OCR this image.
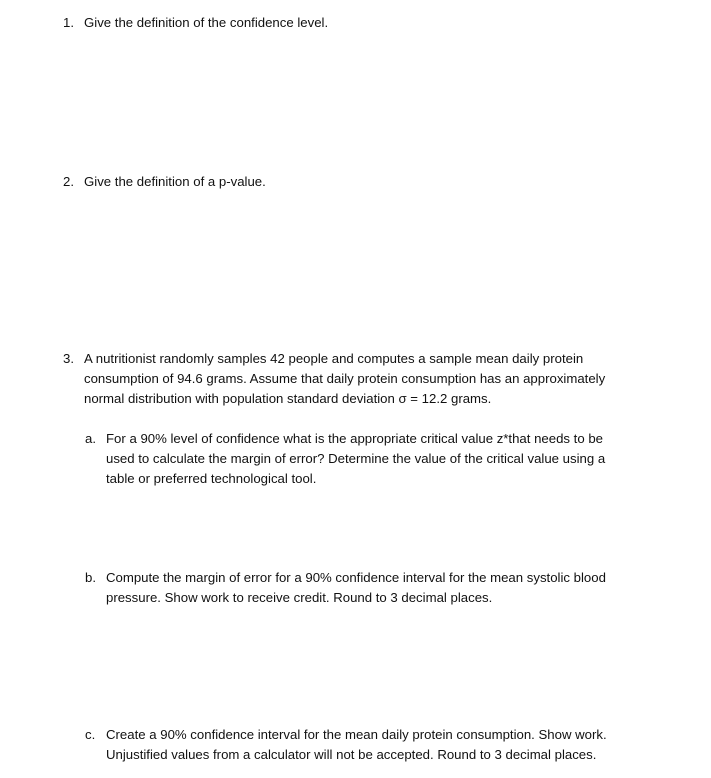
1. Give the definition of the confidence level.
2. Give the definition of a p-value.
3. A nutritionist randomly samples 42 people and computes a sample mean daily protein
consumption of 94.6 grams. Assume that daily protein consumption has an approximately
normal distribution with population standard deviation σ = 12.2 grams.
a. For a 90% level of confidence what is the appropriate critical value z*that needs to be
used to calculate the margin of error? Determine the value of the critical value using a
table or preferred technological tool.
b. Compute the margin of error for a 90% confidence interval for the mean systolic blood
pressure. Show work to receive credit. Round to 3 decimal places.
c. Create a 90% confidence interval for the mean daily protein consumption. Show work.
Unjustified values from a calculator will not be accepted. Round to 3 decimal places.
